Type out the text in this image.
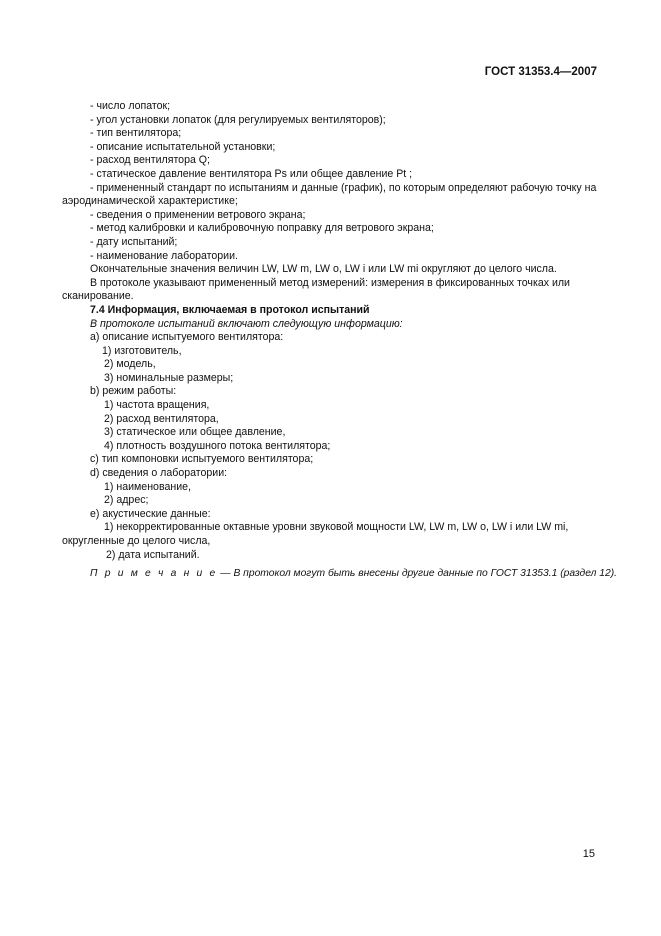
ГОСТ 31353.4—2007
- число лопаток;
- угол установки лопаток (для регулируемых вентиляторов);
- тип вентилятора;
- описание испытательной установки;
- расход вентилятора Q;
- статическое давление вентилятора Ps или общее давление Pt ;
- примененный стандарт по испытаниям и данные (график), по которым определяют рабочую точку на аэродинамической характеристике;
- сведения о применении ветрового экрана;
- метод калибровки и калибровочную поправку для ветрового экрана;
- дату испытаний;
- наименование лаборатории.
Окончательные значения величин LW, LW m, LW o, LW i или LW mi округляют до целого числа.
В протоколе указывают примененный метод измерений: измерения в фиксированных точках или сканирование.
7.4 Информация, включаемая в протокол испытаний
В протоколе испытаний включают следующую информацию:
а) описание испытуемого вентилятора:
1) изготовитель,
2) модель,
3) номинальные размеры;
b) режим работы:
1) частота вращения,
2) расход вентилятора,
3) статическое или общее давление,
4) плотность воздушного потока вентилятора;
с) тип компоновки испытуемого вентилятора;
d) сведения о лаборатории:
1) наименование,
2) адрес;
е) акустические данные:
1) некорректированные октавные уровни звуковой мощности LW, LW m, LW o, LW i или LW mi, округленные до целого числа,
2) дата испытаний.
П р и м е ч а н и е — В протокол могут быть внесены другие данные по ГОСТ 31353.1 (раздел 12).
15
